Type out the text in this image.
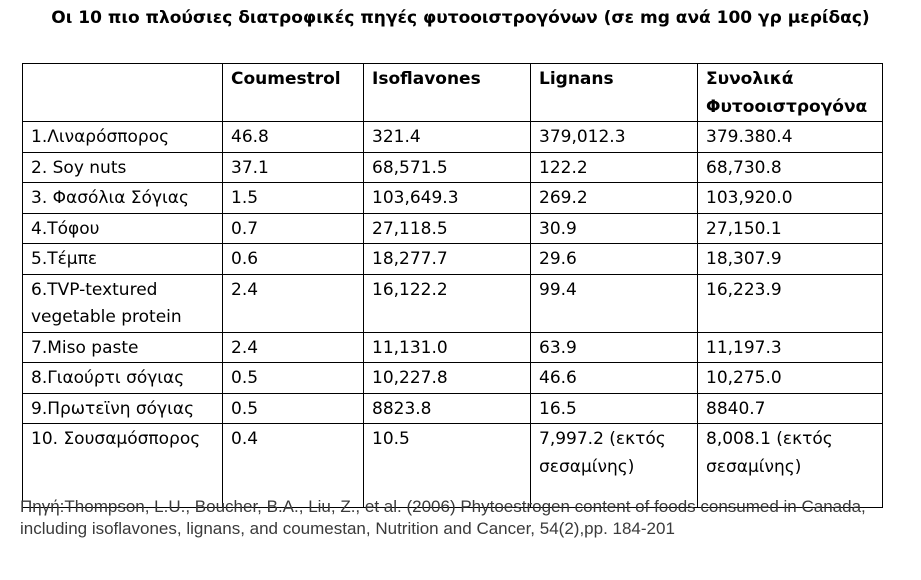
Οι 10 πιο πλούσιες διατροφικές πηγές φυτοοιστρογόνων (σε mg ανά 100 γρ μερίδας)
	Coumestrol	Isoflavones	Lignans	Συνολικά Φυτοοιστρογόνα
1.Λιναρόσπορος	46.8	321.4	379,012.3	379.380.4
2. Soy nuts	37.1	68,571.5	122.2	68,730.8
3. Φασόλια Σόγιας	1.5	103,649.3	269.2	103,920.0
4.Τόφου	0.7	27,118.5	30.9	27,150.1
5.Τέμπε	0.6	18,277.7	29.6	18,307.9
6.TVP-textured vegetable protein	2.4	16,122.2	99.4	16,223.9
7.Miso paste	2.4	11,131.0	63.9	11,197.3
8.Γιαούρτι σόγιας	0.5	10,227.8	46.6	10,275.0
9.Πρωτεϊνη σόγιας	0.5	8823.8	16.5	8840.7
10. Σουσαμόσπορος	0.4	10.5	7,997.2 (εκτός σεσαμίνης)	8,008.1 (εκτός σεσαμίνης)
Πηγή:Thompson, L.U., Boucher, B.A., Liu, Z., et al. (2006) Phytoestrogen content of foods consumed in Canada, including isoflavones, lignans, and coumestan, Nutrition and Cancer, 54(2),pp. 184-201
